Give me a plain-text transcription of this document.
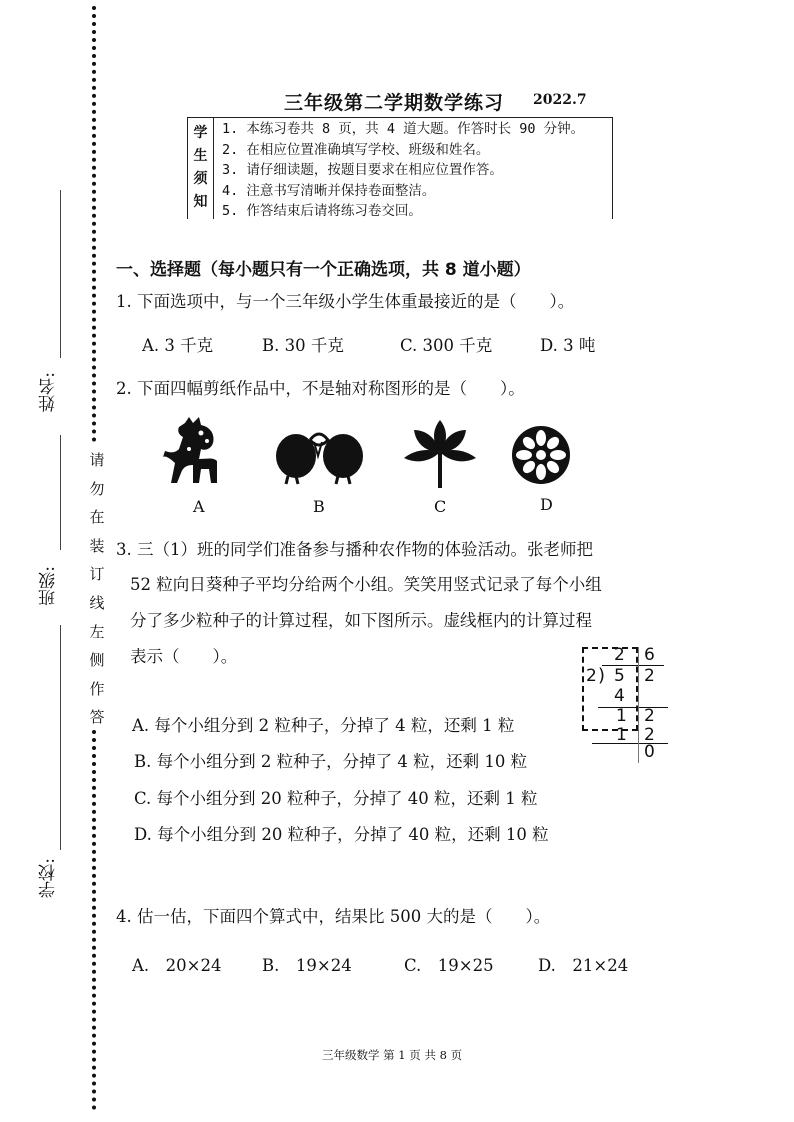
姓名:
班级:
学校:
请
勿
在
装
订
线
左
侧
作
答
三年级第二学期数学练习 2022.7
学生须知
1. 本练习卷共 8 页，共 4 道大题。作答时长 90 分钟。
2. 在相应位置准确填写学校、班级和姓名。
3. 请仔细读题，按题目要求在相应位置作答。
4. 注意书写清晰并保持卷面整洁。
5. 作答结束后请将练习卷交回。
一、选择题（每小题只有一个正确选项，共 8 道小题）
1. 下面选项中，与一个三年级小学生体重最接近的是（　　）。
A. 3 千克	B. 30 千克	C. 300 千克	D. 3 吨
2. 下面四幅剪纸作品中，不是轴对称图形的是（　　）。
A	B	C	D
3. 三（1）班的同学们准备参与播种农作物的体验活动。张老师把
52 粒向日葵种子平均分给两个小组。笑笑用竖式记录了每个小组
分了多少粒种子的计算过程，如下图所示。虚线框内的计算过程
表示（　　）。	2 6
2 ) 5 2
4
1 2
1 2
0
A. 每个小组分到 2 粒种子，分掉了 4 粒，还剩 1 粒
B. 每个小组分到 2 粒种子，分掉了 4 粒，还剩 10 粒
C. 每个小组分到 20 粒种子，分掉了 40 粒，还剩 1 粒
D. 每个小组分到 20 粒种子，分掉了 40 粒，还剩 10 粒
4. 估一估，下面四个算式中，结果比 500 大的是（　　）。
A.　20×24 B.　19×24	C.　19×25	D.　21×24
三年级数学 第 1 页 共 8 页
